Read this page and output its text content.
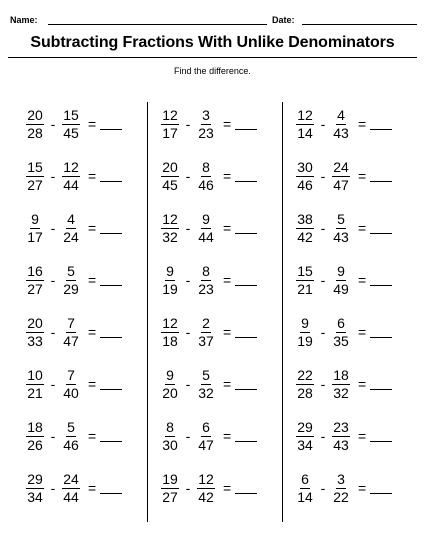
Name:	Date:
Subtracting Fractions With Unlike Denominators
Find the difference.
$\frac{20}{28} - \frac{15}{45}$ =
$\frac{15}{27} - \frac{12}{44}$ =
$\frac{9}{17} - \frac{4}{24}$ =
$\frac{16}{27} - \frac{5}{29}$ =
$\frac{20}{33} - \frac{7}{47}$ =
$\frac{10}{21} - \frac{7}{40}$ =
$\frac{18}{26} - \frac{5}{46}$ =
$\frac{29}{34} - \frac{24}{44}$ =
$\frac{12}{17} - \frac{3}{23}$ =
$\frac{20}{45} - \frac{8}{46}$ =
$\frac{12}{32} - \frac{9}{44}$ =
$\frac{9}{19} - \frac{8}{23}$ =
$\frac{12}{18} - \frac{2}{37}$ =
$\frac{9}{20} - \frac{5}{32}$ =
$\frac{8}{30} - \frac{6}{47}$ =
$\frac{19}{27} - \frac{12}{42}$ =
$\frac{12}{14} - \frac{4}{43}$ =
$\frac{30}{46} - \frac{24}{47}$ =
$\frac{38}{42} - \frac{5}{43}$ =
$\frac{15}{21} - \frac{9}{49}$ =
$\frac{9}{19} - \frac{6}{35}$ =
$\frac{22}{28} - \frac{18}{32}$ =
$\frac{29}{34} - \frac{23}{43}$ =
$\frac{6}{14} - \frac{3}{22}$ =
